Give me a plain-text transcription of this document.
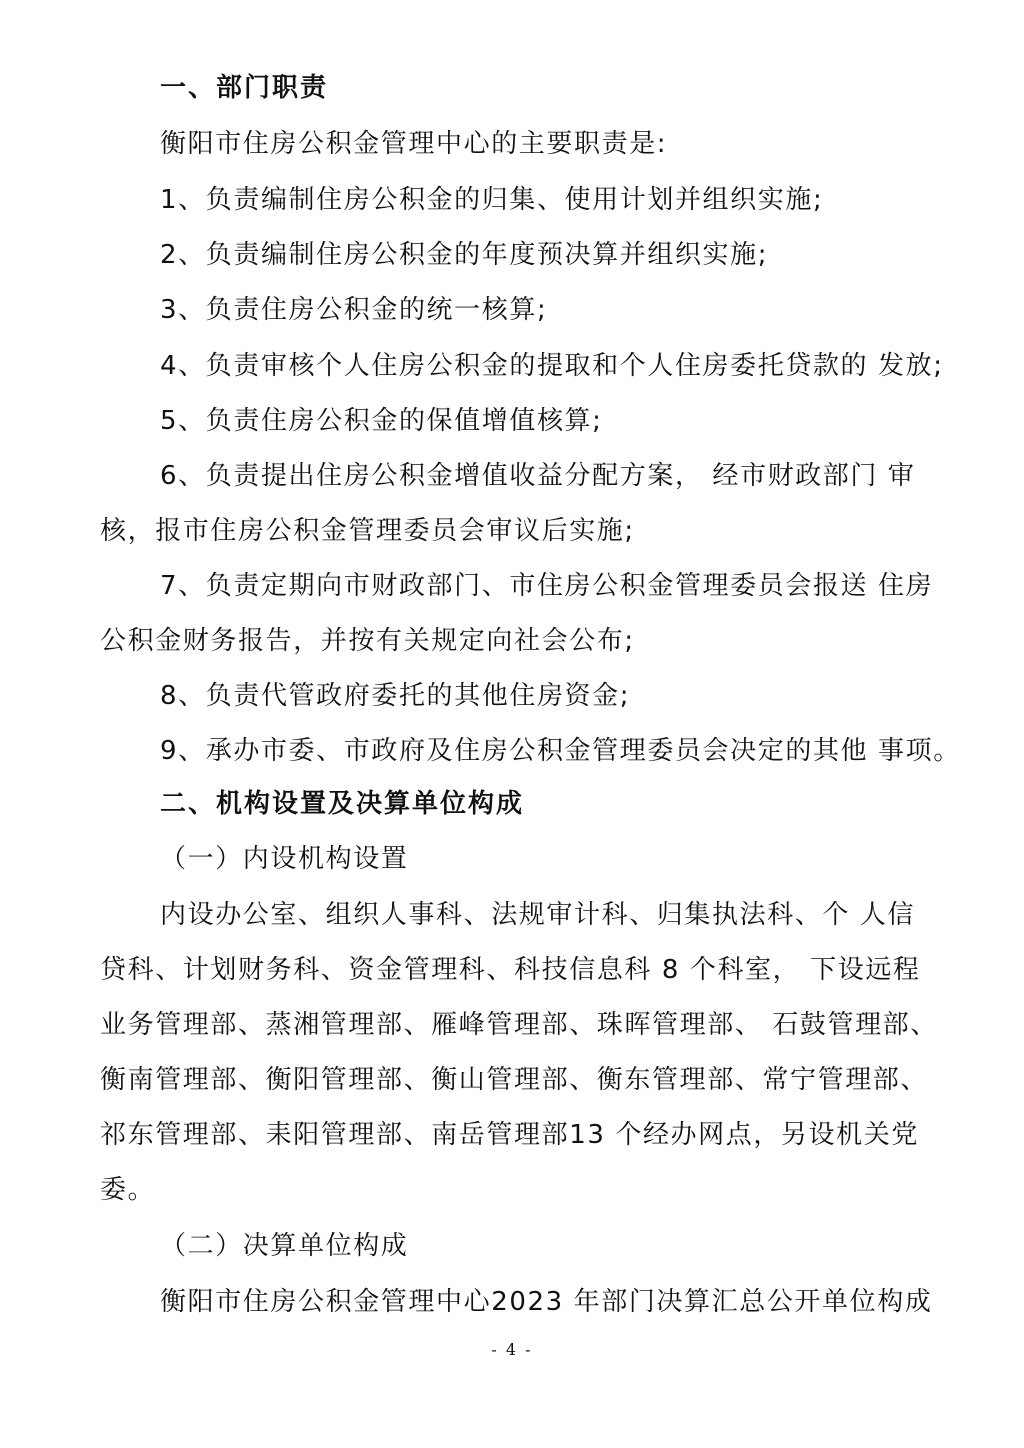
一、部门职责
衡阳市住房公积金管理中心的主要职责是:
1、负责编制住房公积金的归集、使用计划并组织实施;
2、负责编制住房公积金的年度预决算并组织实施;
3、负责住房公积金的统一核算;
4、负责审核个人住房公积金的提取和个人住房委托贷款的 发放;
5、负责住房公积金的保值增值核算;
6、负责提出住房公积金增值收益分配方案， 经市财政部门 审
核，报市住房公积金管理委员会审议后实施;
7、负责定期向市财政部门、市住房公积金管理委员会报送 住房
公积金财务报告，并按有关规定向社会公布;
8、负责代管政府委托的其他住房资金;
9、承办市委、市政府及住房公积金管理委员会决定的其他 事项。
二、机构设置及决算单位构成
（一）内设机构设置
内设办公室、组织人事科、法规审计科、归集执法科、个 人信
贷科、计划财务科、资金管理科、科技信息科 8 个科室， 下设远程
业务管理部、蒸湘管理部、雁峰管理部、珠晖管理部、 石鼓管理部、
衡南管理部、衡阳管理部、衡山管理部、衡东管理部、常宁管理部、
祁东管理部、耒阳管理部、南岳管理部13 个经办网点，另设机关党
委。
（二）决算单位构成
衡阳市住房公积金管理中心2023 年部门决算汇总公开单位构成
- 4 -
